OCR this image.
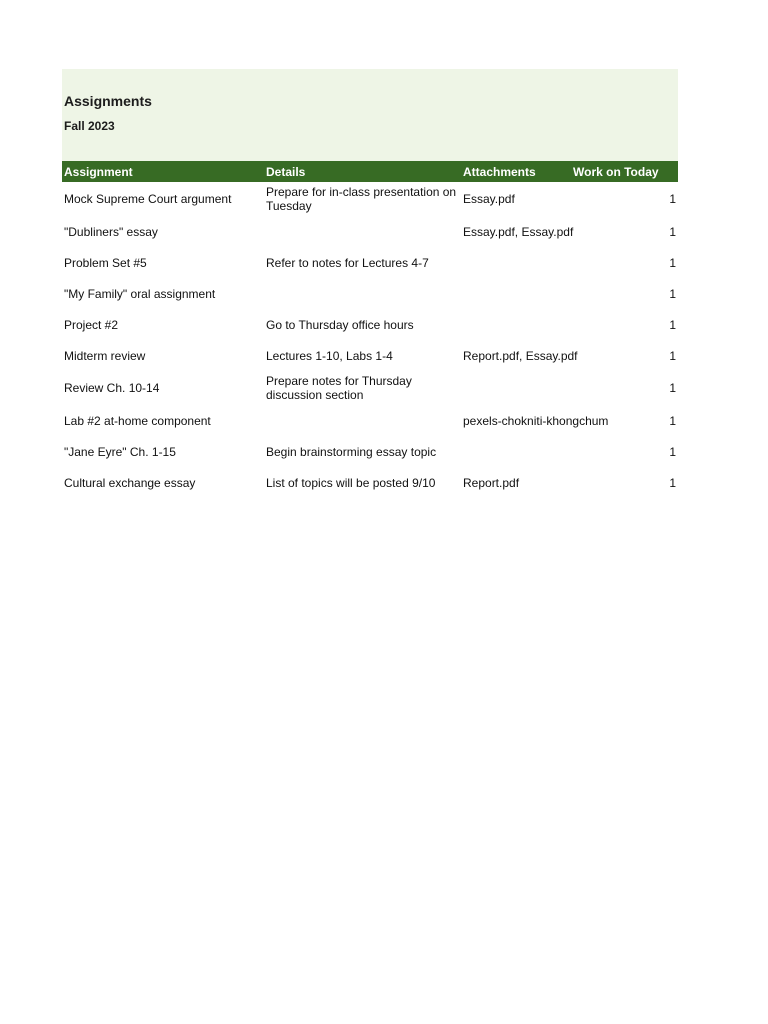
Assignments
Fall 2023
Assignment	Details	Attachments	Work on Today
Mock Supreme Court argument	Prepare for in-class presentation on Tuesday	Essay.pdf	1
"Dubliners" essay		Essay.pdf, Essay.pdf	1
Problem Set #5	Refer to notes for Lectures 4-7		1
"My Family" oral assignment			1
Project #2	Go to Thursday office hours		1
Midterm review	Lectures 1-10, Labs 1-4	Report.pdf, Essay.pdf	1
Review Ch. 10-14	Prepare notes for Thursday discussion section		1
Lab #2 at-home component		pexels-chokniti-khongchum	1
"Jane Eyre" Ch. 1-15	Begin brainstorming essay topic		1
Cultural exchange essay	List of topics will be posted 9/10	Report.pdf	1
